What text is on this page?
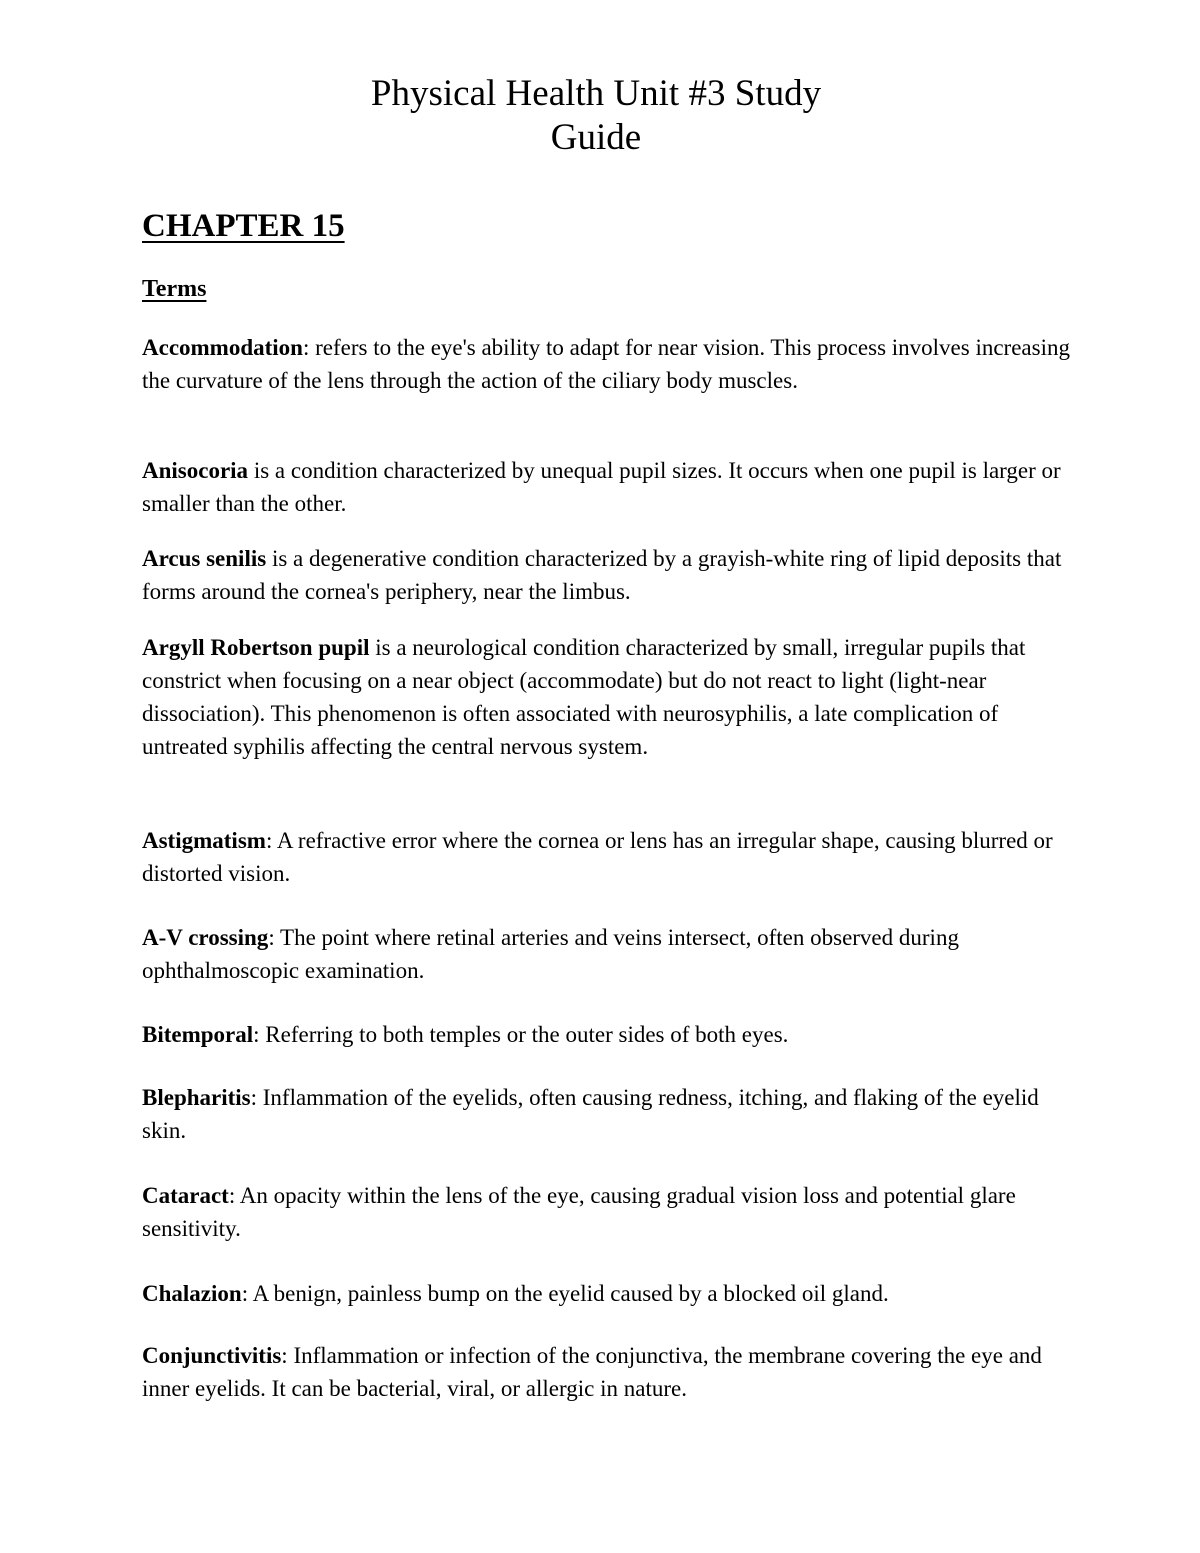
Physical Health Unit #3 Study
Guide
CHAPTER 15
Terms

Accommodation: refers to the eye's ability to adapt for near vision. This process involves increasing the curvature of the lens through the action of the ciliary body muscles.

Anisocoria is a condition characterized by unequal pupil sizes. It occurs when one pupil is larger or smaller than the other.

Arcus senilis is a degenerative condition characterized by a grayish-white ring of lipid deposits that forms around the cornea's periphery, near the limbus.

Argyll Robertson pupil is a neurological condition characterized by small, irregular pupils that constrict when focusing on a near object (accommodate) but do not react to light (light-near dissociation). This phenomenon is often associated with neurosyphilis, a late complication of untreated syphilis affecting the central nervous system.

Astigmatism: A refractive error where the cornea or lens has an irregular shape, causing blurred or distorted vision.

A-V crossing: The point where retinal arteries and veins intersect, often observed during ophthalmoscopic examination.

Bitemporal: Referring to both temples or the outer sides of both eyes.

Blepharitis: Inflammation of the eyelids, often causing redness, itching, and flaking of the eyelid skin.

Cataract: An opacity within the lens of the eye, causing gradual vision loss and potential glare sensitivity.

Chalazion: A benign, painless bump on the eyelid caused by a blocked oil gland.

Conjunctivitis: Inflammation or infection of the conjunctiva, the membrane covering the eye and inner eyelids. It can be bacterial, viral, or allergic in nature.
